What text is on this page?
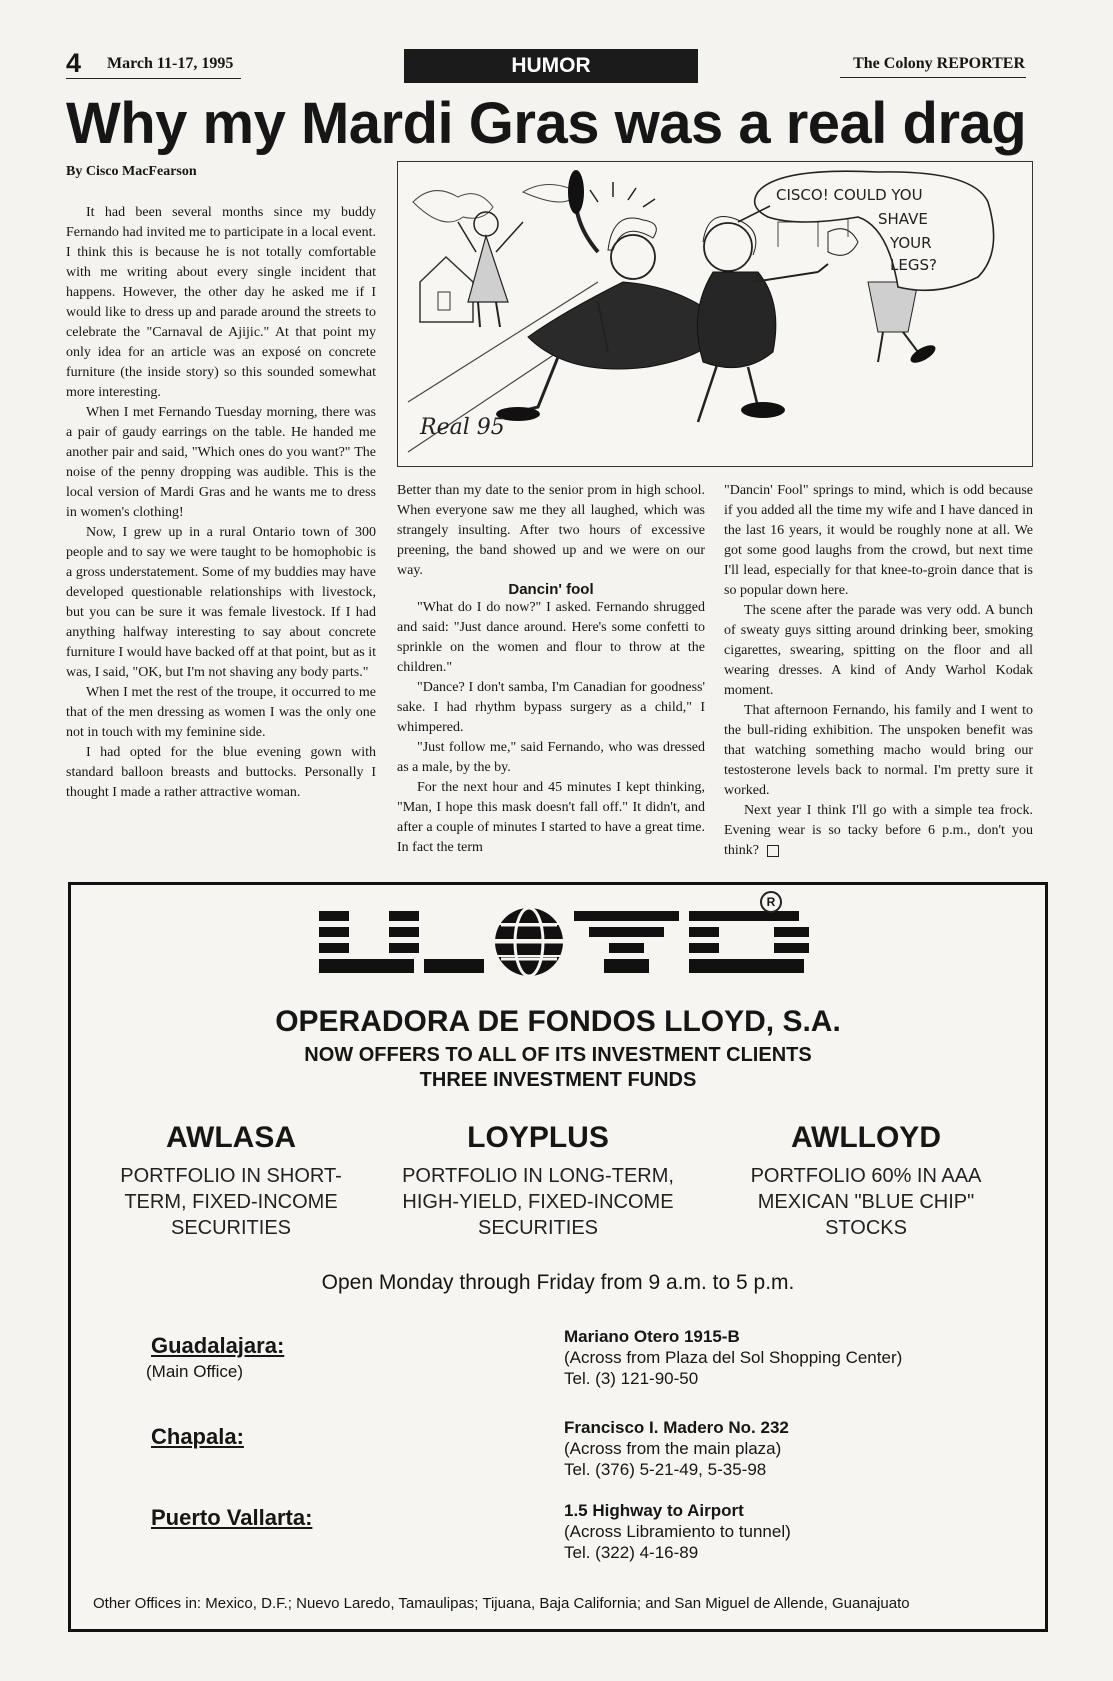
4 March 11-17, 1995	HUMOR	The Colony REPORTER
Why my Mardi Gras was a real drag
By Cisco MacFearson

It had been several months since my buddy Fernando had invited me to participate in a local event. I think this is because he is not totally comfortable with me writing about every single incident that happens. However, the other day he asked me if I would like to dress up and parade around the streets to celebrate the "Carnaval de Ajijic." At that point my only idea for an article was an exposé on concrete furniture (the inside story) so this sounded somewhat more interesting.

When I met Fernando Tuesday morning, there was a pair of gaudy earrings on the table. He handed me another pair and said, "Which ones do you want?" The noise of the penny dropping was audible. This is the local version of Mardi Gras and he wants me to dress in women's clothing!

Now, I grew up in a rural Ontario town of 300 people and to say we were taught to be homophobic is a gross understatement. Some of my buddies may have developed questionable relationships with livestock, but you can be sure it was female livestock. If I had anything halfway interesting to say about concrete furniture I would have backed off at that point, but as it was, I said, "OK, but I'm not shaving any body parts."

When I met the rest of the troupe, it occurred to me that of the men dressing as women I was the only one not in touch with my feminine side.

I had opted for the blue evening gown with standard balloon breasts and buttocks. Personally I thought I made a rather attractive woman.

CISCO! COULD YOU
SHAVE
YOUR
LEGS?
Real 95

Better than my date to the senior prom in high school. When everyone saw me they all laughed, which was strangely insulting. After two hours of excessive preening, the band showed up and we were on our way.

Dancin' fool

"What do I do now?" I asked. Fernando shrugged and said: "Just dance around. Here's some confetti to sprinkle on the women and flour to throw at the children."

"Dance? I don't samba, I'm Canadian for goodness' sake. I had rhythm bypass surgery as a child," I whimpered.

"Just follow me," said Fernando, who was dressed as a male, by the by.

For the next hour and 45 minutes I kept thinking, "Man, I hope this mask doesn't fall off." It didn't, and after a couple of minutes I started to have a great time. In fact the term

"Dancin' Fool" springs to mind, which is odd because if you added all the time my wife and I have danced in the last 16 years, it would be roughly none at all. We got some good laughs from the crowd, but next time I'll lead, especially for that knee-to-groin dance that is so popular down here.

The scene after the parade was very odd. A bunch of sweaty guys sitting around drinking beer, smoking cigarettes, swearing, spitting on the floor and all wearing dresses. A kind of Andy Warhol Kodak moment.

That afternoon Fernando, his family and I went to the bull-riding exhibition. The unspoken benefit was that watching something macho would bring our testosterone levels back to normal. I'm pretty sure it worked.

Next year I think I'll go with a simple tea frock. Evening wear is so tacky before 6 p.m., don't you think?

R
OPERADORA DE FONDOS LLOYD, S.A.
NOW OFFERS TO ALL OF ITS INVESTMENT CLIENTS
THREE INVESTMENT FUNDS
AWLASA
PORTFOLIO IN SHORT-
TERM, FIXED-INCOME
SECURITIES
LOYPLUS
PORTFOLIO IN LONG-TERM,
HIGH-YIELD, FIXED-INCOME
SECURITIES
AWLLOYD
PORTFOLIO 60% IN AAA
MEXICAN "BLUE CHIP"
STOCKS
Open Monday through Friday from 9 a.m. to 5 p.m.
Guadalajara:
(Main Office)
Mariano Otero 1915-B
(Across from Plaza del Sol Shopping Center)
Tel. (3) 121-90-50
Chapala:	Francisco I. Madero No. 232
(Across from the main plaza)
Tel. (376) 5-21-49, 5-35-98
Puerto Vallarta:	1.5 Highway to Airport
(Across Libramiento to tunnel)
Tel. (322) 4-16-89
Other Offices in: Mexico, D.F.; Nuevo Laredo, Tamaulipas; Tijuana, Baja California; and San Miguel de Allende, Guanajuato
